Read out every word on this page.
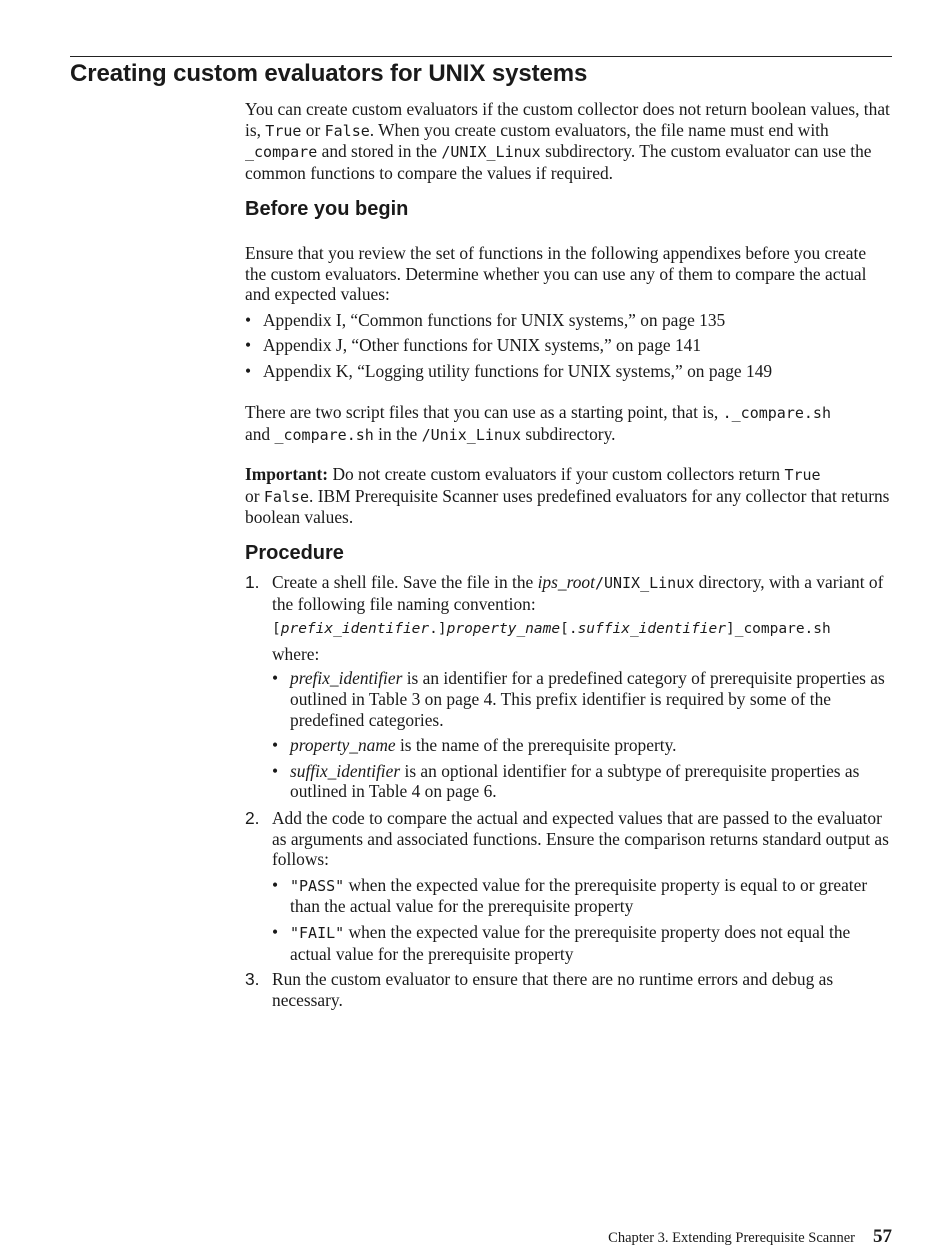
Creating custom evaluators for UNIX systems

You can create custom evaluators if the custom collector does not return boolean values, that is, True or False. When you create custom evaluators, the file name must end with _compare and stored in the /UNIX_Linux subdirectory. The custom evaluator can use the common functions to compare the values if required.

Before you begin

Ensure that you review the set of functions in the following appendixes before you create the custom evaluators. Determine whether you can use any of them to compare the actual and expected values:

• Appendix I, “Common functions for UNIX systems,” on page 135
• Appendix J, “Other functions for UNIX systems,” on page 141
• Appendix K, “Logging utility functions for UNIX systems,” on page 149

There are two script files that you can use as a starting point, that is, ._compare.sh
and _compare.sh in the /Unix_Linux subdirectory.

Important: Do not create custom evaluators if your custom collectors return True
or False. IBM Prerequisite Scanner uses predefined evaluators for any collector that returns boolean values.

Procedure
1. Create a shell file. Save the file in the ips_root/UNIX_Linux directory, with a variant of the following file naming convention:

[prefix_identifier.]property_name[.suffix_identifier]_compare.sh

where:

• prefix_identifier is an identifier for a predefined category of prerequisite properties as outlined in Table 3 on page 4. This prefix identifier is required by some of the predefined categories.
• property_name is the name of the prerequisite property.
• suffix_identifier is an optional identifier for a subtype of prerequisite properties as outlined in Table 4 on page 6.
2. Add the code to compare the actual and expected values that are passed to the evaluator as arguments and associated functions. Ensure the comparison returns standard output as follows:

• "PASS" when the expected value for the prerequisite property is equal to or greater than the actual value for the prerequisite property
• "FAIL" when the expected value for the prerequisite property does not equal the actual value for the prerequisite property
3. Run the custom evaluator to ensure that there are no runtime errors and debug as necessary.

Chapter 3. Extending Prerequisite Scanner 57
